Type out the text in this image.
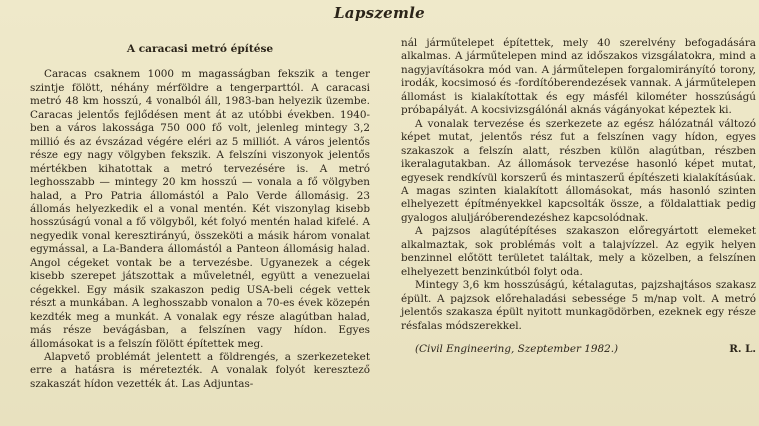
Lapszemle
A caracasi metró építése

Caracas csaknem 1000 m magasságban fekszik a tenger szintje fölött, néhány mérföldre a tengerparttól. A caracasi metró 48 km hosszú, 4 vonalból áll, 1983-ban helyezik üzembe. Caracas jelentős fejlődésen ment át az utóbbi években. 1940-ben a város lakossága 750 000 fő volt, jelenleg mintegy 3,2 millió és az évszázad végére eléri az 5 milliót. A város jelentős része egy nagy völgyben fekszik. A felszíni viszonyok jelentős mértékben kihatottak a metró tervezésére is. A metró leghosszabb — mintegy 20 km hosszú — vonala a fő völgyben halad, a Pro Patria állomástól a Palo Verde állomásig. 23 állomás helyezkedik el a vonal mentén. Két viszonylag kisebb hosszúságú vonal a fő völgyből, két folyó mentén halad kifelé. A negyedik vonal keresztirányú, összeköti a másik három vonalat egymással, a La-Bandera állomástól a Panteon állomásig halad. Angol cégeket vontak be a tervezésbe. Ugyanezek a cégek kisebb szerepet játszottak a műveletnél, együtt a venezuelai cégekkel. Egy másik szakaszon pedig USA-beli cégek vettek részt a munkában. A leghosszabb vonalon a 70-es évek közepén kezdték meg a munkát. A vonalak egy része alagútban halad, más része bevágásban, a felszínen vagy hídon. Egyes állomásokat is a felszín fölött építettek meg.

Alapvető problémát jelentett a földrengés, a szerkezeteket erre a hatásra is méretezték. A vonalak folyót keresztező szakaszát hídon vezették át. Las Adjuntas-

nál járműtelepet építettek, mely 40 szerelvény befogadására alkalmas. A járműtelepen mind az időszakos vizsgálatokra, mind a nagyjavításokra mód van. A járműtelepen forgalomirányító torony, irodák, kocsimosó és -fordítóberendezések vannak. A járműtelepen állomást is kialakítottak és egy másfél kilométer hosszúságú próbapályát. A kocsivizsgálónál aknás vágányokat képeztek ki.

A vonalak tervezése és szerkezete az egész hálózatnál változó képet mutat, jelentős rész fut a felszínen vagy hídon, egyes szakaszok a felszín alatt, részben külön alagútban, részben ikeralagutakban. Az állomások tervezése hasonló képet mutat, egyesek rendkívül korszerű és mintaszerű építészeti kialakításúak. A magas szinten kialakított állomásokat, más hasonló szinten elhelyezett építményekkel kapcsolták össze, a földalattiak pedig gyalogos aluljáróberendezéshez kapcsolódnak.

A pajzsos alagútépítéses szakaszon előregyártott elemeket alkalmaztak, sok problémás volt a talajvízzel. Az egyik helyen benzinnel előtött területet találtak, mely a közelben, a felszínen elhelyezett benzinkútból folyt oda.

Mintegy 3,6 km hosszúságú, kétalagutas, pajzshajtásos szakasz épült. A pajzsok előrehaladási sebessége 5 m/nap volt. A metró jelentős szakasza épült nyitott munkagödörben, ezeknek egy része résfalas módszerekkel.

(Civil Engineering, Szeptember 1982.)	R. L.
